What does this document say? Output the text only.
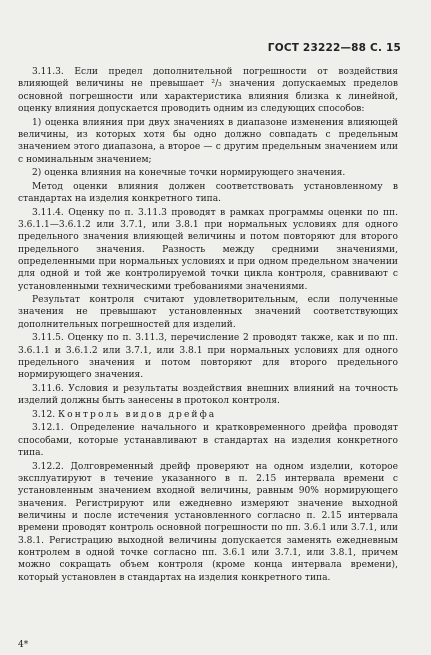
ГОСТ 23222—88 С. 15

3.11.3. Если предел дополнительной погрешности от воздействия влияющей величины не превышает ²/₃ значения допускаемых пределов основной погрешности или характеристика влияния близка к линейной, оценку влияния допускается проводить одним из следующих способов:

1) оценка влияния при двух значениях в диапазоне изменения влияющей величины, из которых хотя бы одно должно совпадать с предельным значением этого диапазона, а второе — с другим предельным значением или с номинальным значением;

2) оценка влияния на конечные точки нормирующего значения.

Метод оценки влияния должен соответствовать установленному в стандартах на изделия конкретного типа.

3.11.4. Оценку по п. 3.11.3 проводят в рамках программы оценки по пп. 3.6.1.1—3.6.1.2 или 3.7.1, или 3.8.1 при нормальных условиях для одного предельного значения влияющей величины и потом повторяют для второго предельного значения. Разность между средними значениями, определенными при нормальных условиях и при одном предельном значении для одной и той же контролируемой точки цикла контроля, сравнивают с установленными техническими требованиями значениями.

Результат контроля считают удовлетворительным, если полученные значения не превышают установленных значений соответствующих дополнительных погрешностей для изделий.

3.11.5. Оценку по п. 3.11.3, перечисление 2 проводят также, как и по пп. 3.6.1.1 и 3.6.1.2 или 3.7.1, или 3.8.1 при нормальных условиях для одного предельного значения и потом повторяют для второго предельного нормирующего значения.

3.11.6. Условия и результаты воздействия внешних влияний на точность изделий должны быть занесены в протокол контроля.

3.12. Контроль видов дрейфа

3.12.1. Определение начального и кратковременного дрейфа проводят способами, которые устанавливают в стандартах на изделия конкретного типа.

3.12.2. Долговременный дрейф проверяют на одном изделии, которое эксплуатируют в течение указанного в п. 2.15 интервала времени с установленным значением входной величины, равным 90% нормирующего значения. Регистрируют или ежедневно измеряют значение выходной величины и после истечения установленного согласно п. 2.15 интервала времени проводят контроль основной погрешности по пп. 3.6.1 или 3.7.1, или 3.8.1. Регистрацию выходной величины допускается заменять ежедневным контролем в одной точке согласно пп. 3.6.1 или 3.7.1, или 3.8.1, причем можно сокращать объем контроля (кроме конца интервала времени), который установлен в стандартах на изделия конкретного типа.

4*
